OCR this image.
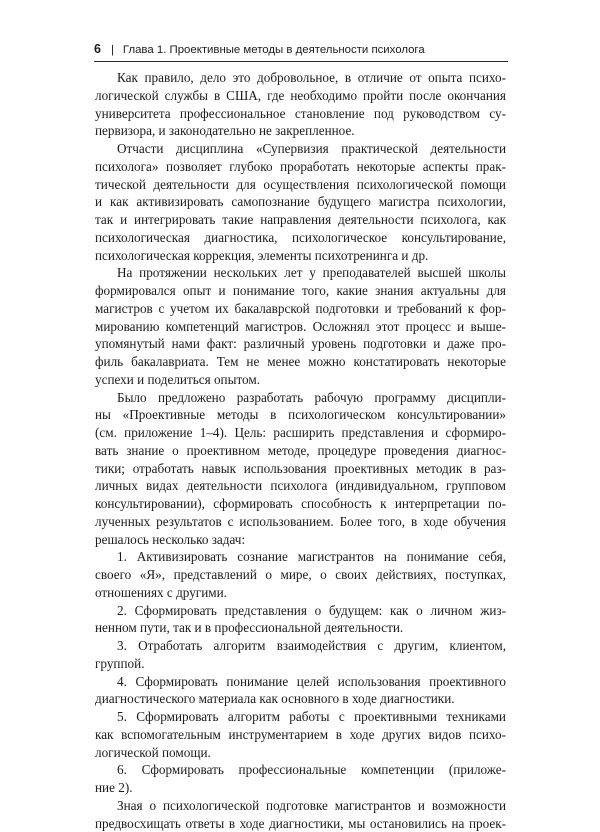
6 | Глава 1. Проективные методы в деятельности психолога

Как правило, дело это добровольное, в отличие от опыта психо-
логической службы в США, где необходимо пройти после окончания
университета профессиональное становление под руководством су-
первизора, и законодательно не закрепленное.

Отчасти дисциплина «Супервизия практической деятельности
психолога» позволяет глубоко проработать некоторые аспекты прак-
тической деятельности для осуществления психологической помощи
и как активизировать самопознание будущего магистра психологии,
так и интегрировать такие направления деятельности психолога, как
психологическая диагностика, психологическое консультирование,
психологическая коррекция, элементы психотренинга и др.

На протяжении нескольких лет у преподавателей высшей школы
формировался опыт и понимание того, какие знания актуальны для
магистров с учетом их бакалаврской подготовки и требований к фор-
мированию компетенций магистров. Осложнял этот процесс и выше-
упомянутый нами факт: различный уровень подготовки и даже про-
филь бакалавриата. Тем не менее можно констатировать некоторые
успехи и поделиться опытом.

Было предложено разработать рабочую программу дисципли-
ны «Проективные методы в психологическом консультировании»
(см. приложение 1–4). Цель: расширить представления и сформиро-
вать знание о проективном методе, процедуре проведения диагнос-
тики; отработать навык использования проективных методик в раз-
личных видах деятельности психолога (индивидуальном, групповом
консультировании), сформировать способность к интерпретации по-
лученных результатов с использованием. Более того, в ходе обучения
решалось несколько задач:

1. Активизировать сознание магистрантов на понимание себя,
своего «Я», представлений о мире, о своих действиях, поступках,
отношениях с другими.

2. Сформировать представления о будущем: как о личном жиз-
ненном пути, так и в профессиональной деятельности.

3. Отработать алгоритм взаимодействия с другим, клиентом,
группой.

4. Сформировать понимание целей использования проективного
диагностического материала как основного в ходе диагностики.

5. Сформировать алгоритм работы с проективными техниками
как вспомогательным инструментарием в ходе других видов психо-
логической помощи.

6. Сформировать профессиональные компетенции (приложе-
ние 2).

Зная о психологической подготовке магистрантов и возможности
предвосхищать ответы в ходе диагностики, мы остановились на проек-
